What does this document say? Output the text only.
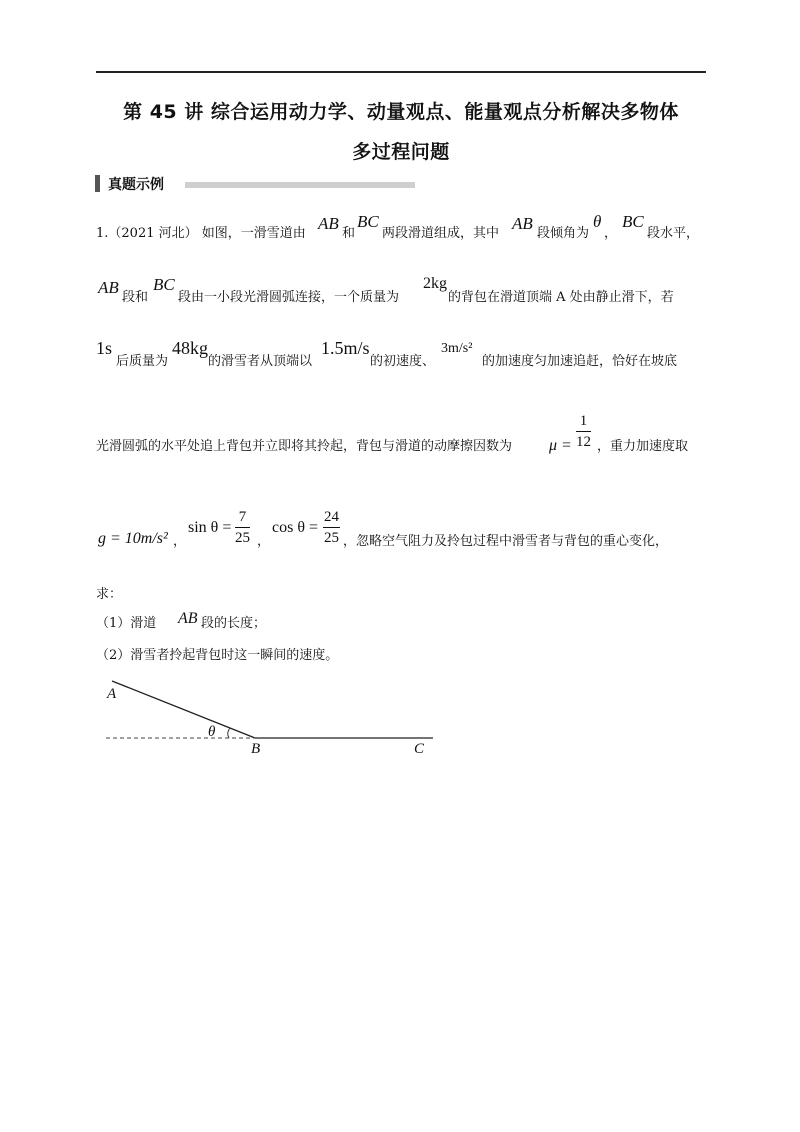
第 45 讲 综合运用动力学、动量观点、能量观点分析解决多物体
多过程问题
真题示例
1.（2021 河北） 如图，一滑雪道由
AB
和
BC
两段滑道组成，其中
AB
段倾角为
θ
，
BC
段水平，
AB
段和
BC
段由一小段光滑圆弧连接，一个质量为
2kg
的背包在滑道顶端 A 处由静止滑下，若
1s
后质量为
48kg
的滑雪者从顶端以
1.5m/s
的初速度、
3m/s²
的加速度匀加速追赶，恰好在坡底
光滑圆弧的水平处追上背包并立即将其拎起，背包与滑道的动摩擦因数为 μ =
1
12 ，重力加速度取
g = 10m/s² ，
sin θ =
7
25 ，
cos θ =
24
25 ，忽略空气阻力及拎包过程中滑雪者与背包的重心变化，
求：
（1）滑道 AB 段的长度；
（2）滑雪者拎起背包时这一瞬间的速度。
A
θ
B	C
